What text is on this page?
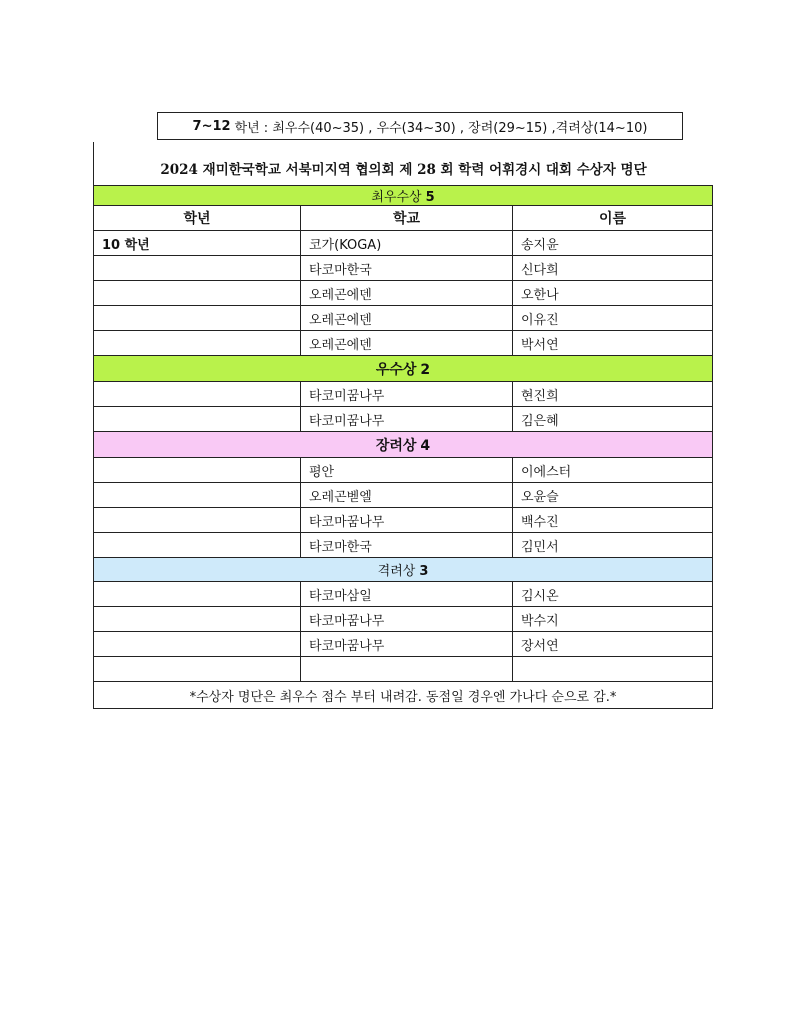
7~12 학년 : 최우수(40~35) , 우수(34~30) , 장려(29~15) ,격려상(14~10)
2024 재미한국학교 서북미지역 협의회 제 28 회 학력 어휘경시 대회 수상자 명단
최우수상 5		
학년	학교	이름
10 학년	코가(KOGA)	송지윤
	타코마한국	신다희
	오레곤에덴	오한나
	오레곤에덴	이유진
	오레곤에덴	박서연
우수상 2		
	타코미꿈나무	현진희
	타코미꿈나무	김은혜
장려상 4		
	평안	이에스터
	오레곤벧엘	오윤슬
	타코마꿈나무	백수진
	타코마한국	김민서
격려상 3		
	타코마삼일	김시온
	타코마꿈나무	박수지
	타코마꿈나무	장서연

*수상자 명단은 최우수 점수 부터 내려감. 동점일 경우엔 가나다 순으로 감.*		
